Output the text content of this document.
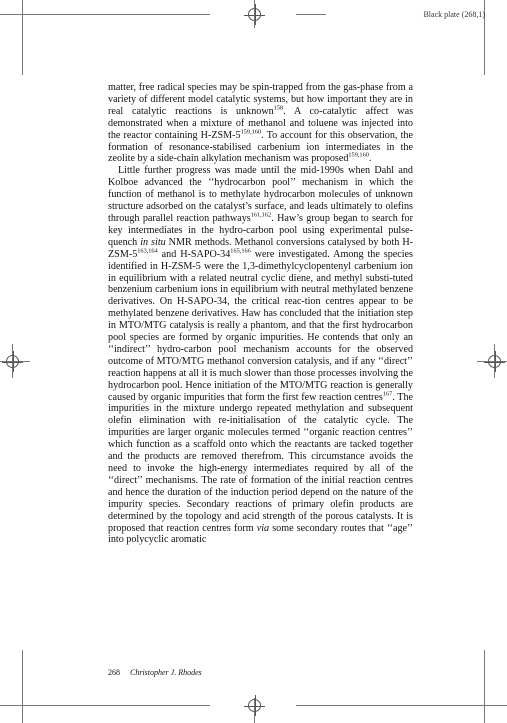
Black plate (268,1)

matter, free radical species may be spin-trapped from the gas-phase from a variety of different model catalytic systems, but how important they are in real catalytic reactions is unknown$^{158}$. A co-catalytic affect was demonstrated when a mixture of methanol and toluene was injected into the reactor containing H-ZSM-5$^{159,160}$. To account for this observation, the formation of resonance-stabilised carbenium ion intermediates in the zeolite by a side-chain alkylation mechanism was proposed$^{159,160}$.

Little further progress was made until the mid-1990s when Dahl and Kolboe advanced the ‘‘hydrocarbon pool’’ mechanism in which the function of methanol is to methylate hydrocarbon molecules of unknown structure adsorbed on the catalyst’s surface, and leads ultimately to olefins through parallel reaction pathways$^{161,162}$. Haw’s group began to search for key intermediates in the hydro-carbon pool using experimental pulse-quench in situ NMR methods. Methanol conversions catalysed by both H-ZSM-5$^{163,164}$ and H-SAPO-34$^{165,166}$ were investigated. Among the species identified in H-ZSM-5 were the 1,3-dimethylcyclopentenyl carbenium ion in equilibrium with a related neutral cyclic diene, and methyl substi-tuted benzenium carbenium ions in equilibrium with neutral methylated benzene derivatives. On H-SAPO-34, the critical reac-tion centres appear to be methylated benzene derivatives. Haw has concluded that the initiation step in MTO/MTG catalysis is really a phantom, and that the first hydrocarbon pool species are formed by organic impurities. He contends that only an ‘‘indirect’’ hydro-carbon pool mechanism accounts for the observed outcome of MTO/MTG methanol conversion catalysis, and if any ‘‘direct’’ reaction happens at all it is much slower than those processes involving the hydrocarbon pool. Hence initiation of the MTO/MTG reaction is generally caused by organic impurities that form the first few reaction centres$^{167}$. The impurities in the mixture undergo repeated methylation and subsequent olefin elimination with re-initialisation of the catalytic cycle. The impurities are larger organic molecules termed ‘‘organic reaction centres’’ which function as a scaffold onto which the reactants are tacked together and the products are removed therefrom. This circumstance avoids the need to invoke the high-energy intermediates required by all of the ‘‘direct’’ mechanisms. The rate of formation of the initial reaction centres and hence the duration of the induction period depend on the nature of the impurity species. Secondary reactions of primary olefin products are determined by the topology and acid strength of the porous catalysts. It is proposed that reaction centres form via some secondary routes that ‘‘age’’ into polycyclic aromatic

268 Christopher J. Rhodes
